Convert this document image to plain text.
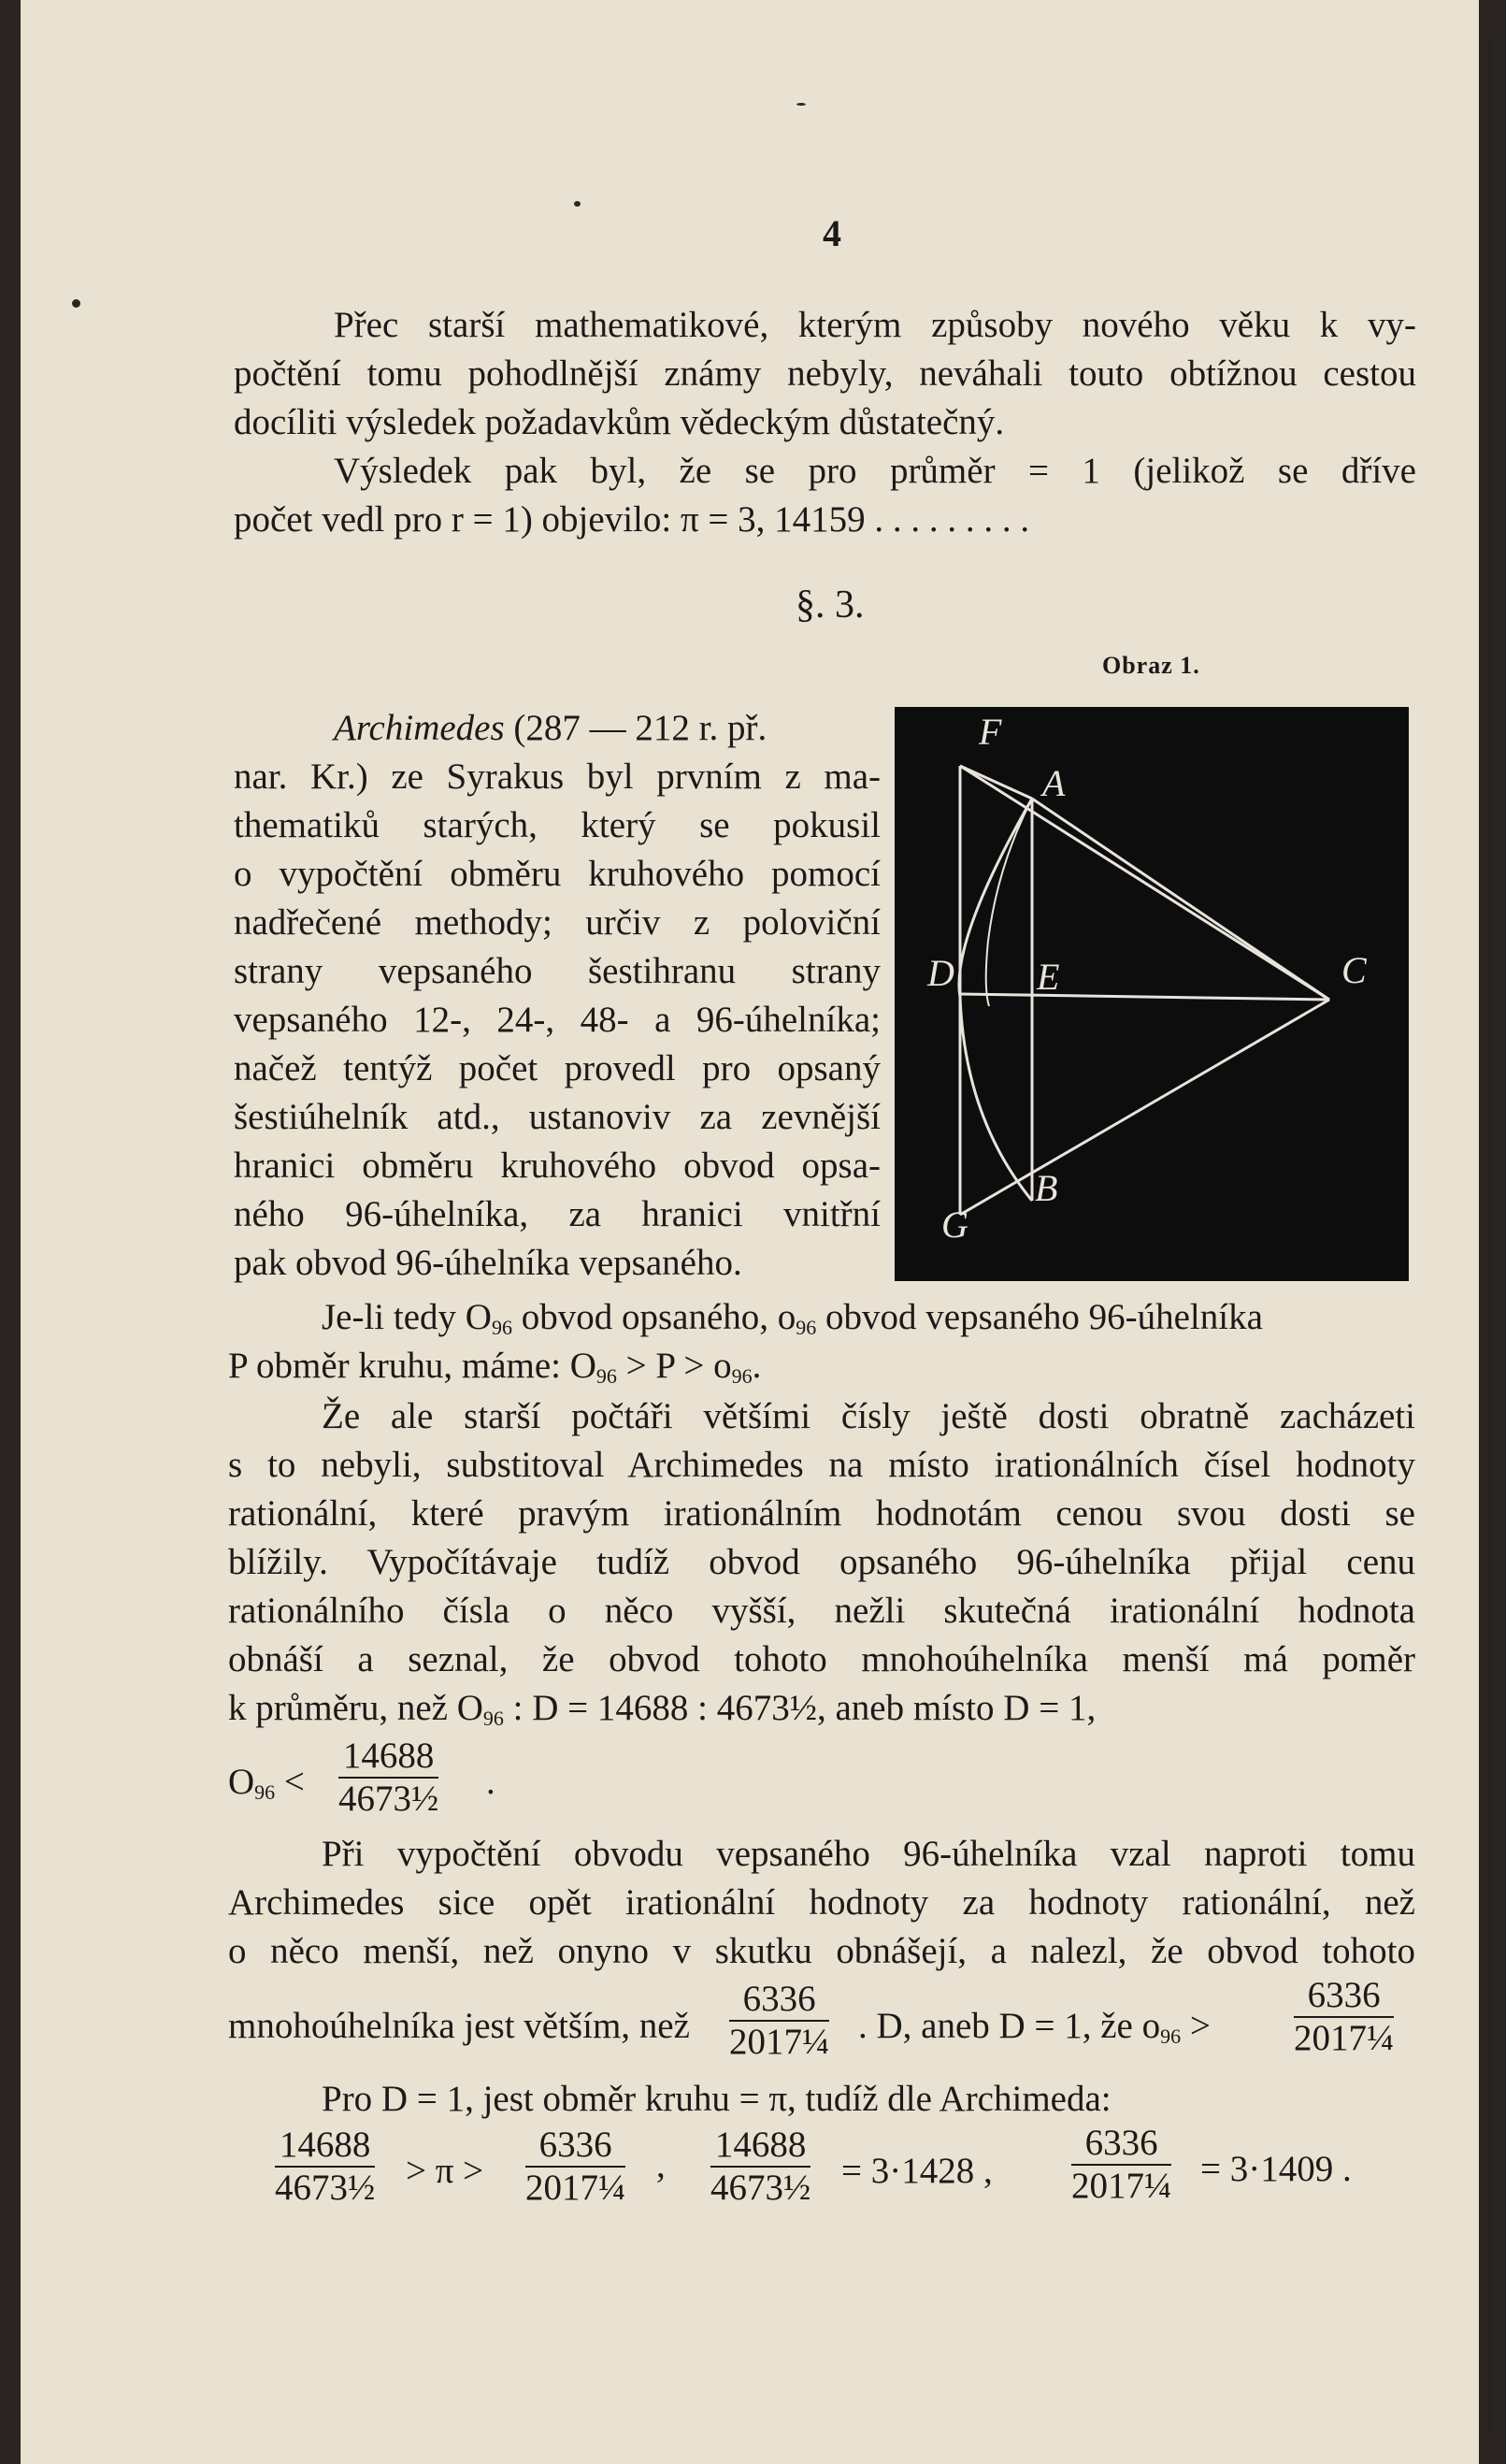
4
Přec starší mathematikové, kterým způsoby nového věku k vy-
počtění tomu pohodlnější známy nebyly, neváhali touto obtížnou cestou
docíliti výsledek požadavkům vědeckým důstatečný.
Výsledek pak byl, že se pro průměr = 1 (jelikož se dříve
počet vedl pro r = 1) objevilo: π = 3, 14159 . . . . . . . . .
§. 3.
Obraz 1.
F
A
E
D	C
B
G
Archimedes (287 — 212 r. př.
nar. Kr.) ze Syrakus byl prvním z ma-
thematiků starých, který se pokusil
o vypočtění obměru kruhového pomocí
nadřečené methody; určiv z poloviční
strany vepsaného šestihranu strany
vepsaného 12-, 24-, 48- a 96-úhelníka;
načež tentýž počet provedl pro opsaný
šestiúhelník atd., ustanoviv za zevnější
hranici obměru kruhového obvod opsa-
ného 96-úhelníka, za hranici vnitřní
pak obvod 96-úhelníka vepsaného.
Je-li tedy $O_{96}$ obvod opsaného, $o_{96}$ obvod vepsaného 96-úhelníka
P obměr kruhu, máme: $O_{96} > P > o_{96}$.
Že ale starší počtáři většími čísly ještě dosti obratně zacházeti
s to nebyli, substitoval Archimedes na místo irationálních čísel hodnoty
rationální, které pravým irationálním hodnotám cenou svou dosti se
blížily. Vypočítávaje tudíž obvod opsaného 96-úhelníka přijal cenu
rationálního čísla o něco vyšší, nežli skutečná irationální hodnota
obnáší a seznal, že obvod tohoto mnohoúhelníka menší má poměr
k průměru, než $O_{96}$ : D = 14688 : 4673½, aneb místo D = 1,
$O_{96} < \frac{14688}{\text{4673½}}$ .
Při vypočtění obvodu vepsaného 96-úhelníka vzal naproti tomu
Archimedes sice opět irationální hodnoty za hodnoty rationální, než
o něco menší, než onyno v skutku obnášejí, a nalezl, že obvod tohoto
mnohoúhelníka jest větším, než $\frac{6336}{\text{2017¼}}$ . D, aneb D = 1, že $o_{96} > \frac{6336}{\text{2017¼}}$
Pro D = 1, jest obměr kruhu = π, tudíž dle Archimeda:
$\frac{14688}{\text{4673½}} > \pi > \frac{6336}{\text{2017¼}}$ , $\frac{14688}{\text{4673½}} = 3\cdot 1428$ , $\frac{6336}{\text{2017¼}} = 3\cdot 1409$ .
